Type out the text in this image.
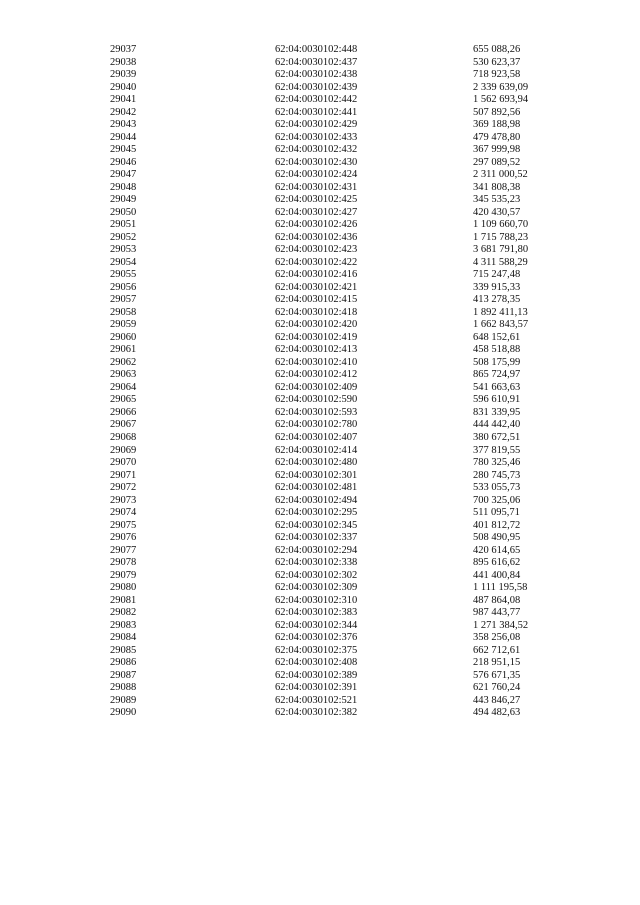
29037	62:04:0030102:448	655 088,26
29038	62:04:0030102:437	530 623,37
29039	62:04:0030102:438	718 923,58
29040	62:04:0030102:439	2 339 639,09
29041	62:04:0030102:442	1 562 693,94
29042	62:04:0030102:441	507 892,56
29043	62:04:0030102:429	369 188,98
29044	62:04:0030102:433	479 478,80
29045	62:04:0030102:432	367 999,98
29046	62:04:0030102:430	297 089,52
29047	62:04:0030102:424	2 311 000,52
29048	62:04:0030102:431	341 808,38
29049	62:04:0030102:425	345 535,23
29050	62:04:0030102:427	420 430,57
29051	62:04:0030102:426	1 109 660,70
29052	62:04:0030102:436	1 715 788,23
29053	62:04:0030102:423	3 681 791,80
29054	62:04:0030102:422	4 311 588,29
29055	62:04:0030102:416	715 247,48
29056	62:04:0030102:421	339 915,33
29057	62:04:0030102:415	413 278,35
29058	62:04:0030102:418	1 892 411,13
29059	62:04:0030102:420	1 662 843,57
29060	62:04:0030102:419	648 152,61
29061	62:04:0030102:413	458 518,88
29062	62:04:0030102:410	508 175,99
29063	62:04:0030102:412	865 724,97
29064	62:04:0030102:409	541 663,63
29065	62:04:0030102:590	596 610,91
29066	62:04:0030102:593	831 339,95
29067	62:04:0030102:780	444 442,40
29068	62:04:0030102:407	380 672,51
29069	62:04:0030102:414	377 819,55
29070	62:04:0030102:480	780 325,46
29071	62:04:0030102:301	280 745,73
29072	62:04:0030102:481	533 055,73
29073	62:04:0030102:494	700 325,06
29074	62:04:0030102:295	511 095,71
29075	62:04:0030102:345	401 812,72
29076	62:04:0030102:337	508 490,95
29077	62:04:0030102:294	420 614,65
29078	62:04:0030102:338	895 616,62
29079	62:04:0030102:302	441 400,84
29080	62:04:0030102:309	1 111 195,58
29081	62:04:0030102:310	487 864,08
29082	62:04:0030102:383	987 443,77
29083	62:04:0030102:344	1 271 384,52
29084	62:04:0030102:376	358 256,08
29085	62:04:0030102:375	662 712,61
29086	62:04:0030102:408	218 951,15
29087	62:04:0030102:389	576 671,35
29088	62:04:0030102:391	621 760,24
29089	62:04:0030102:521	443 846,27
29090	62:04:0030102:382	494 482,63
